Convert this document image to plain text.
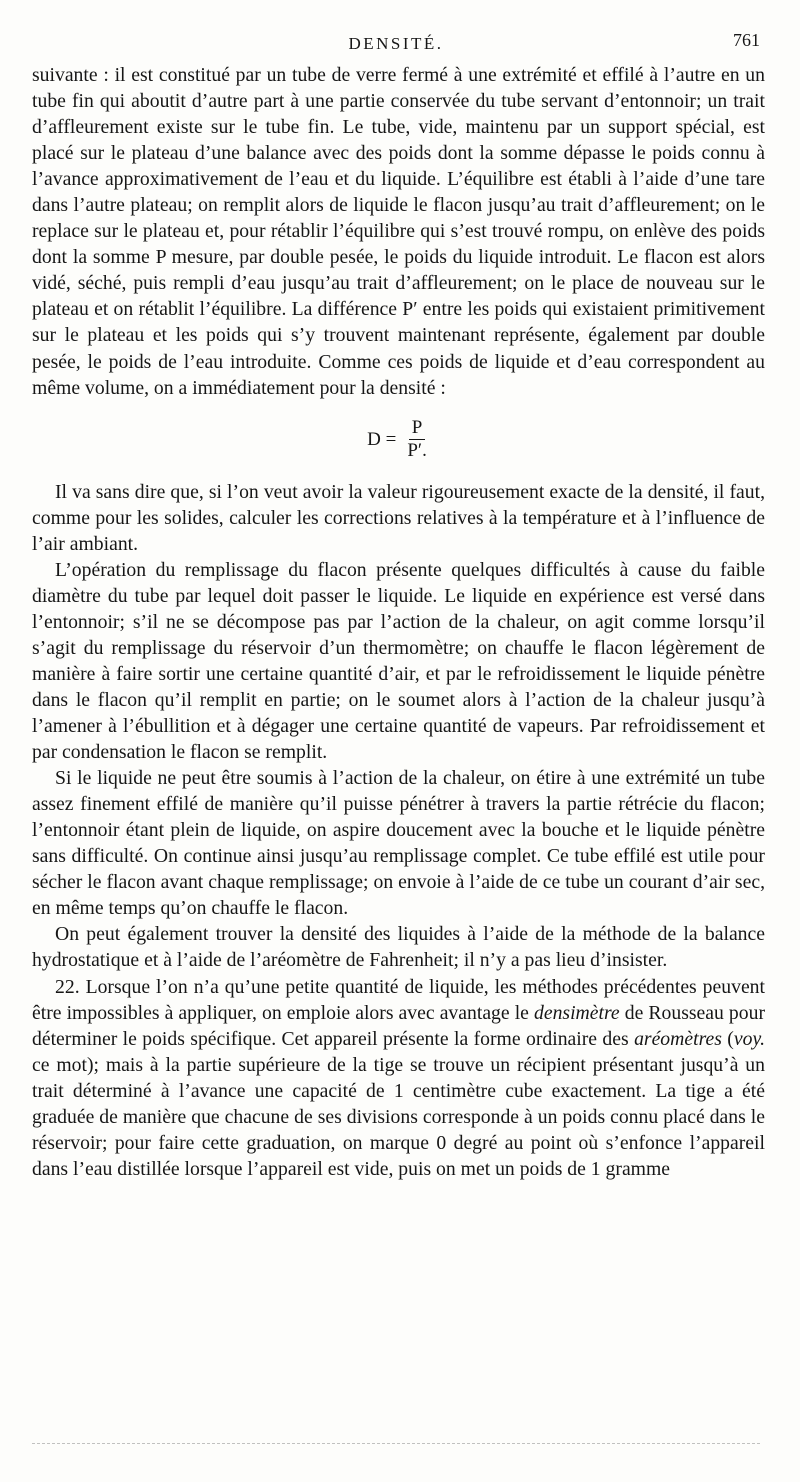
DENSITÉ.	761

suivante : il est constitué par un tube de verre fermé à une extrémité et effilé à l’autre en un tube fin qui aboutit d’autre part à une partie conservée du tube servant d’entonnoir; un trait d’affleurement existe sur le tube fin. Le tube, vide, maintenu par un support spécial, est placé sur le plateau d’une balance avec des poids dont la somme dépasse le poids connu à l’avance approximativement de l’eau et du liquide. L’équilibre est établi à l’aide d’une tare dans l’autre plateau; on remplit alors de liquide le flacon jusqu’au trait d’affleurement; on le replace sur le plateau et, pour rétablir l’équilibre qui s’est trouvé rompu, on enlève des poids dont la somme P mesure, par double pesée, le poids du liquide introduit. Le flacon est alors vidé, séché, puis rempli d’eau jusqu’au trait d’affleurement; on le place de nouveau sur le plateau et on rétablit l’équilibre. La différence P′ entre les poids qui existaient primitivement sur le plateau et les poids qui s’y trouvent maintenant représente, également par double pesée, le poids de l’eau introduite. Comme ces poids de liquide et d’eau correspondent au même volume, on a immédiatement pour la densité :

$D = \frac{P}{P'.}$

Il va sans dire que, si l’on veut avoir la valeur rigoureusement exacte de la densité, il faut, comme pour les solides, calculer les corrections relatives à la température et à l’influence de l’air ambiant.

L’opération du remplissage du flacon présente quelques difficultés à cause du faible diamètre du tube par lequel doit passer le liquide. Le liquide en expérience est versé dans l’entonnoir; s’il ne se décompose pas par l’action de la chaleur, on agit comme lorsqu’il s’agit du remplissage du réservoir d’un thermomètre; on chauffe le flacon légèrement de manière à faire sortir une certaine quantité d’air, et par le refroidissement le liquide pénètre dans le flacon qu’il remplit en partie; on le soumet alors à l’action de la chaleur jusqu’à l’amener à l’ébullition et à dégager une certaine quantité de vapeurs. Par refroidissement et par condensation le flacon se remplit.

Si le liquide ne peut être soumis à l’action de la chaleur, on étire à une extrémité un tube assez finement effilé de manière qu’il puisse pénétrer à travers la partie rétrécie du flacon; l’entonnoir étant plein de liquide, on aspire doucement avec la bouche et le liquide pénètre sans difficulté. On continue ainsi jusqu’au remplissage complet. Ce tube effilé est utile pour sécher le flacon avant chaque remplissage; on envoie à l’aide de ce tube un courant d’air sec, en même temps qu’on chauffe le flacon.

On peut également trouver la densité des liquides à l’aide de la méthode de la balance hydrostatique et à l’aide de l’aréomètre de Fahrenheit; il n’y a pas lieu d’insister.

22. Lorsque l’on n’a qu’une petite quantité de liquide, les méthodes précédentes peuvent être impossibles à appliquer, on emploie alors avec avantage le densimètre de Rousseau pour déterminer le poids spécifique. Cet appareil présente la forme ordinaire des aréomètres (voy. ce mot); mais à la partie supérieure de la tige se trouve un récipient présentant jusqu’à un trait déterminé à l’avance une capacité de 1 centimètre cube exactement. La tige a été graduée de manière que chacune de ses divisions corresponde à un poids connu placé dans le réservoir; pour faire cette graduation, on marque 0 degré au point où s’enfonce l’appareil dans l’eau distillée lorsque l’appareil est vide, puis on met un poids de 1 gramme
